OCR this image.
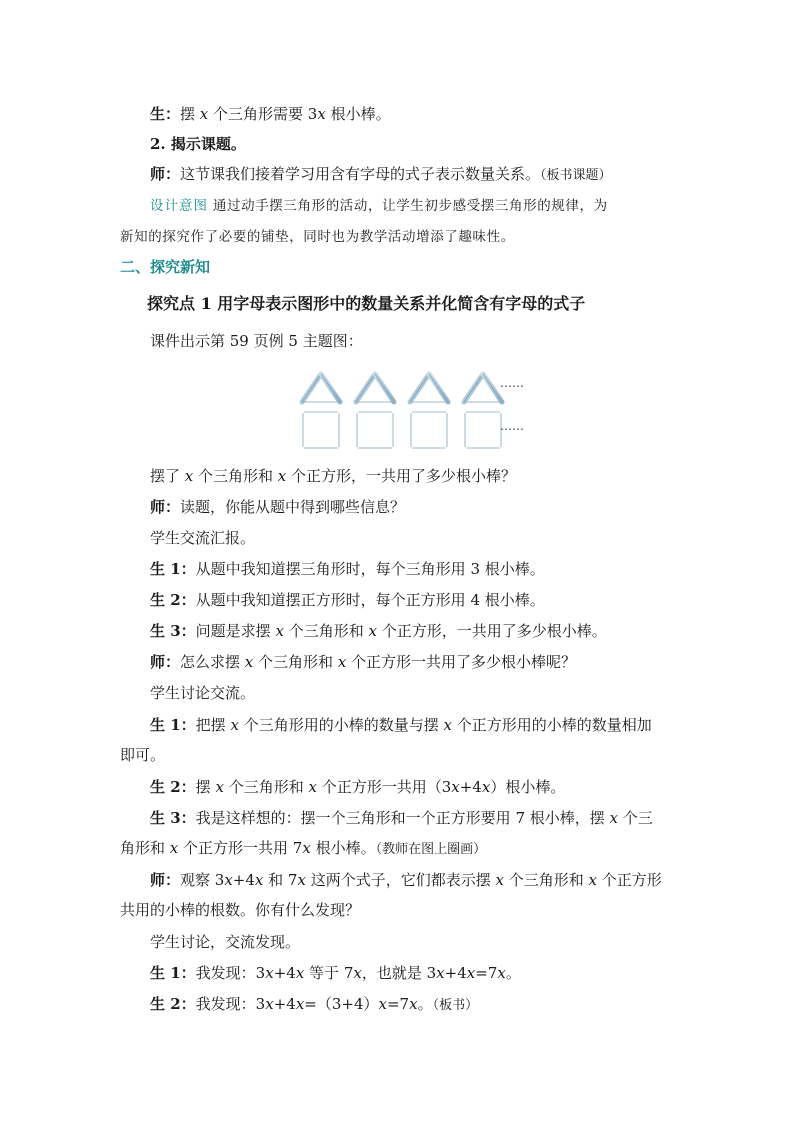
生：摆 x 个三角形需要 3x 根小棒。
2. 揭示课题。
师：这节课我们接着学习用含有字母的式子表示数量关系。（板书课题）
设计意图 通过动手摆三角形的活动，让学生初步感受摆三角形的规律，为
新知的探究作了必要的铺垫，同时也为教学活动增添了趣味性。
二、探究新知
探究点 1 用字母表示图形中的数量关系并化简含有字母的式子
课件出示第 59 页例 5 主题图：
……
……
摆了 x 个三角形和 x 个正方形，一共用了多少根小棒？
师：读题，你能从题中得到哪些信息？
学生交流汇报。
生 1：从题中我知道摆三角形时，每个三角形用 3 根小棒。
生 2：从题中我知道摆正方形时，每个正方形用 4 根小棒。
生 3：问题是求摆 x 个三角形和 x 个正方形，一共用了多少根小棒。
师：怎么求摆 x 个三角形和 x 个正方形一共用了多少根小棒呢？
学生讨论交流。
生 1：把摆 x 个三角形用的小棒的数量与摆 x 个正方形用的小棒的数量相加
即可。
生 2：摆 x 个三角形和 x 个正方形一共用（3x+4x）根小棒。
生 3：我是这样想的：摆一个三角形和一个正方形要用 7 根小棒，摆 x 个三
角形和 x 个正方形一共用 7x 根小棒。（教师在图上圈画）
师：观察 3x+4x 和 7x 这两个式子，它们都表示摆 x 个三角形和 x 个正方形
共用的小棒的根数。你有什么发现？
学生讨论，交流发现。
生 1：我发现：3x+4x 等于 7x，也就是 3x+4x=7x。
生 2：我发现：3x+4x=（3+4）x=7x。（板书）
